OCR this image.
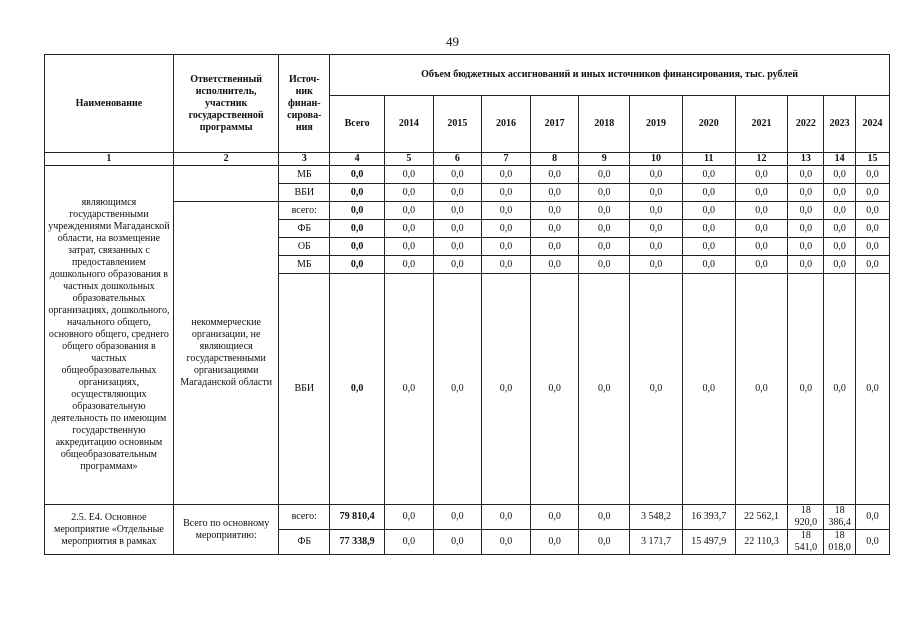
49
Наименование	Ответственный исполнитель, участник государственной программы	Источ-ник финан-сирова-ния	Объем бюджетных ассигнований и иных источников финансирования, тыс. рублей											
			Всего	2014	2015	2016	2017	2018	2019	2020	2021	2022	2023	2024
1	2	3	4	5	6	7	8	9	10	11	12	13	14	15
являющимся государственными учреждениями Магаданской области, на возмещение затрат, связанных с предоставлением дошкольного образования в частных дошкольных образовательных организациях, дошкольного, начального общего, основного общего, среднего общего образования в частных общеобразовательных организациях, осуществляющих образовательную деятельность по имеющим государственную аккредитацию основным общеобразовательным программам»		МБ	0,0	0,0	0,0	0,0	0,0	0,0	0,0	0,0	0,0	0,0	0,0	0,0
		ВБИ	0,0	0,0	0,0	0,0	0,0	0,0	0,0	0,0	0,0	0,0	0,0	0,0
	некоммерческие организации, не являющиеся государственными организациями Магаданской области	всего:	0,0	0,0	0,0	0,0	0,0	0,0	0,0	0,0	0,0	0,0	0,0	0,0
		ФБ	0,0	0,0	0,0	0,0	0,0	0,0	0,0	0,0	0,0	0,0	0,0	0,0
		ОБ	0,0	0,0	0,0	0,0	0,0	0,0	0,0	0,0	0,0	0,0	0,0	0,0
		МБ	0,0	0,0	0,0	0,0	0,0	0,0	0,0	0,0	0,0	0,0	0,0	0,0
		ВБИ	0,0	0,0	0,0	0,0	0,0	0,0	0,0	0,0	0,0	0,0	0,0	0,0
2.5. Е4. Основное мероприятие «Отдельные мероприятия в рамках	Всего по основному мероприятию:	всего:	79 810,4	0,0	0,0	0,0	0,0	0,0	3 548,2	16 393,7	22 562,1	18 920,0	18 386,4	0,0
		ФБ	77 338,9	0,0	0,0	0,0	0,0	0,0	3 171,7	15 497,9	22 110,3	18 541,0	18 018,0	0,0
